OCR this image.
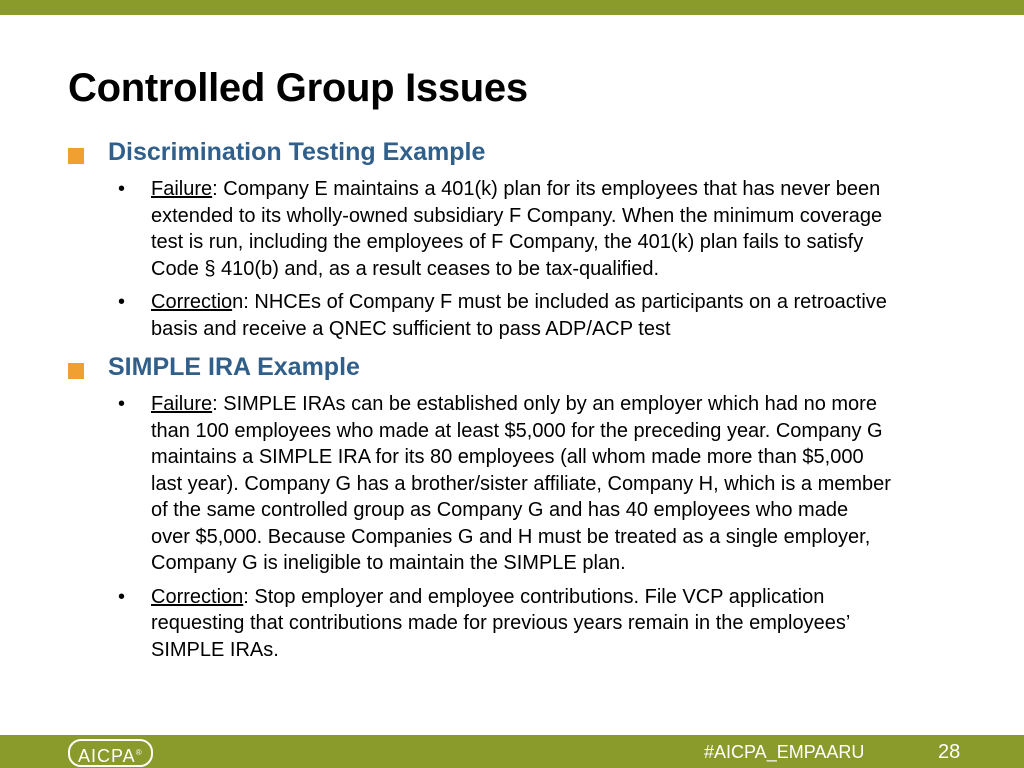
Controlled Group Issues
Discrimination Testing Example
• Failure: Company E maintains a 401(k) plan for its employees that has never been extended to its wholly-owned subsidiary F Company. When the minimum coverage test is run, including the employees of F Company, the 401(k) plan fails to satisfy Code § 410(b) and, as a result ceases to be tax-qualified.
• Correction: NHCEs of Company F must be included as participants on a retroactive basis and receive a QNEC sufficient to pass ADP/ACP test
SIMPLE IRA Example
• Failure: SIMPLE IRAs can be established only by an employer which had no more than 100 employees who made at least $5,000 for the preceding year. Company G maintains a SIMPLE IRA for its 80 employees (all whom made more than $5,000 last year). Company G has a brother/sister affiliate, Company H, which is a member of the same controlled group as Company G and has 40 employees who made over $5,000. Because Companies G and H must be treated as a single employer, Company G is ineligible to maintain the SIMPLE plan.
• Correction: Stop employer and employee contributions. File VCP application requesting that contributions made for previous years remain in the employees’ SIMPLE IRAs.
AICPA®	#AICPA_EMPAARU	28
